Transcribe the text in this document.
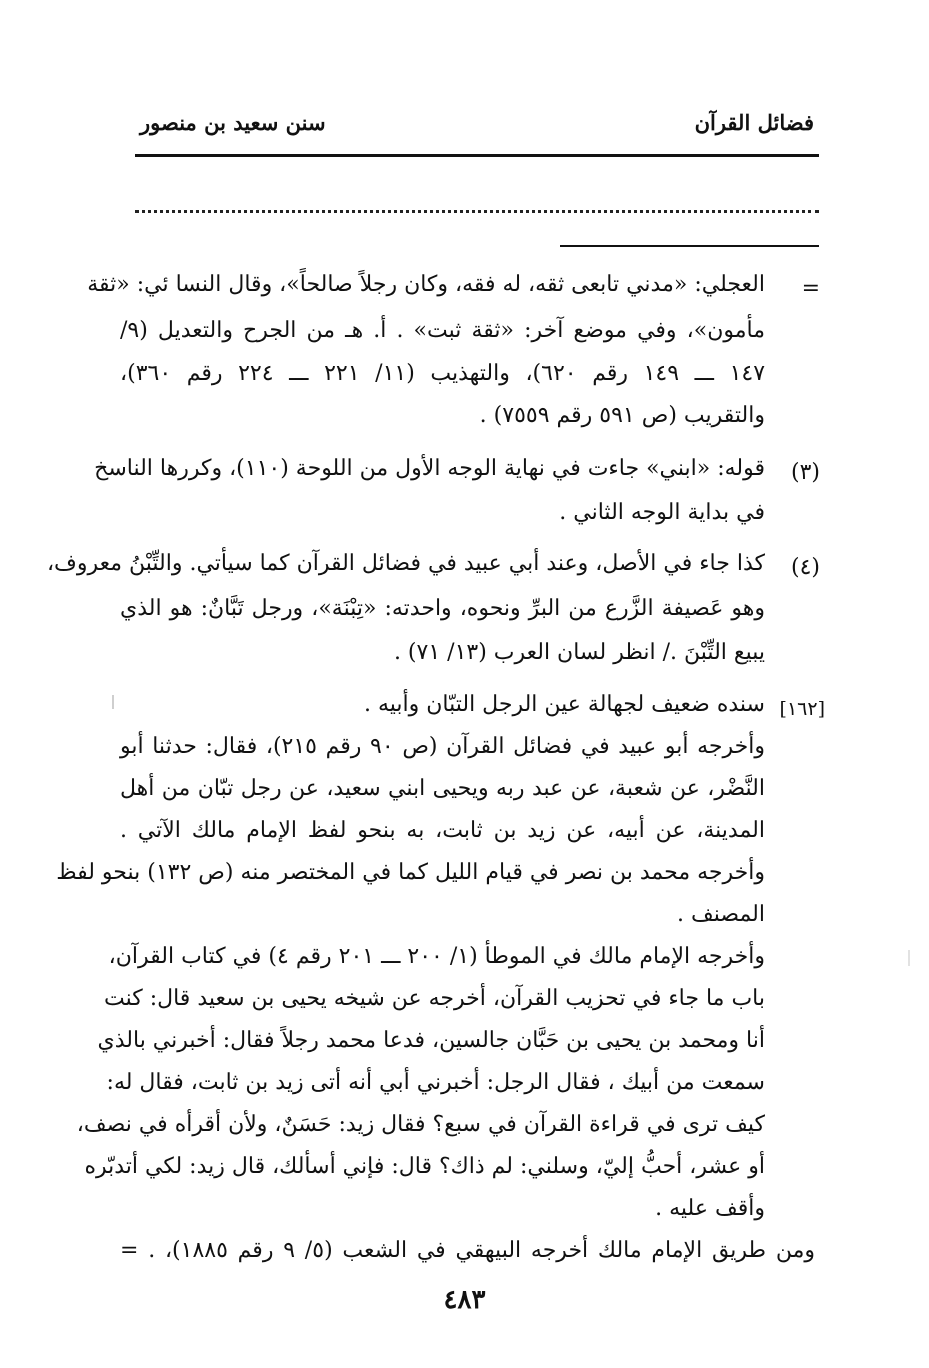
فضائل القرآن
سنن سعيد بن منصور
=
العجلي: «مدني تابعى ثقه، له فقه، وكان رجلاً صالحاً»، وقال النسا ئي: «ثقة
مأمون»، وفي موضع آخر: «ثقة ثبت» . أ. هـ من الجرح والتعديل (٩/
١٤٧ ـــ ١٤٩ رقم ٦٢٠)، والتهذيب (١١/ ٢٢١ ـــ ٢٢٤ رقم ٣٦٠)،
والتقريب (ص ٥٩١ رقم ٧٥٥٩) .
(٣)
قوله: «ابني» جاءت في نهاية الوجه الأول من اللوحة (١١٠)، وكررها الناسخ
في بداية الوجه الثاني .
(٤)
كذا جاء في الأصل، وعند أبي عبيد في فضائل القرآن كما سيأتي. والتِّبْنُ معروف،
وهو عَصيفة الزَّرع من البرِّ ونحوه، واحدته: «تِبْنَة»، ورجل تَبَّانٌ: هو الذي
يبيع التِّبْنَ ./ انظر لسان العرب (١٣/ ٧١) .
[١٦٢]
سنده ضعيف لجهالة عين الرجل التبّان وأبيه .
وأخرجه أبو عبيد في فضائل القرآن (ص ٩٠ رقم ٢١٥)، فقال: حدثنا أبو
النَّضْر، عن شعبة، عن عبد ربه ويحيى ابني سعيد، عن رجل تبّان من أهل
المدينة، عن أبيه، عن زيد بن ثابت، به بنحو لفظ الإمام مالك الآتي .
وأخرجه محمد بن نصر في قيام الليل كما في المختصر منه (ص ١٣٢) بنحو لفظ
المصنف .
وأخرجه الإمام مالك في الموطأ (١/ ٢٠٠ ـــ ٢٠١ رقم ٤) في كتاب القرآن،
باب ما جاء في تحزيب القرآن، أخرجه عن شيخه يحيى بن سعيد قال: كنت
أنا ومحمد بن يحيى بن حَبَّان جالسين، فدعا محمد رجلاً فقال: أخبرني بالذي
سمعت من أبيك ، فقال الرجل: أخبرني أبي أنه أتى زيد بن ثابت، فقال له:
كيف ترى في قراءة القرآن في سبع؟ فقال زيد: حَسَنٌ، ولأن أقرأه في نصف،
أو عشر، أحبُّ إليّ، وسلني: لم ذاك؟ قال: فإني أسألك، قال زيد: لكي أتدبّره
وأقف عليه .
ومن طريق الإمام مالك أخرجه البيهقي في الشعب (٥/ ٩ رقم ١٨٨٥)، . =
٤٨٣
